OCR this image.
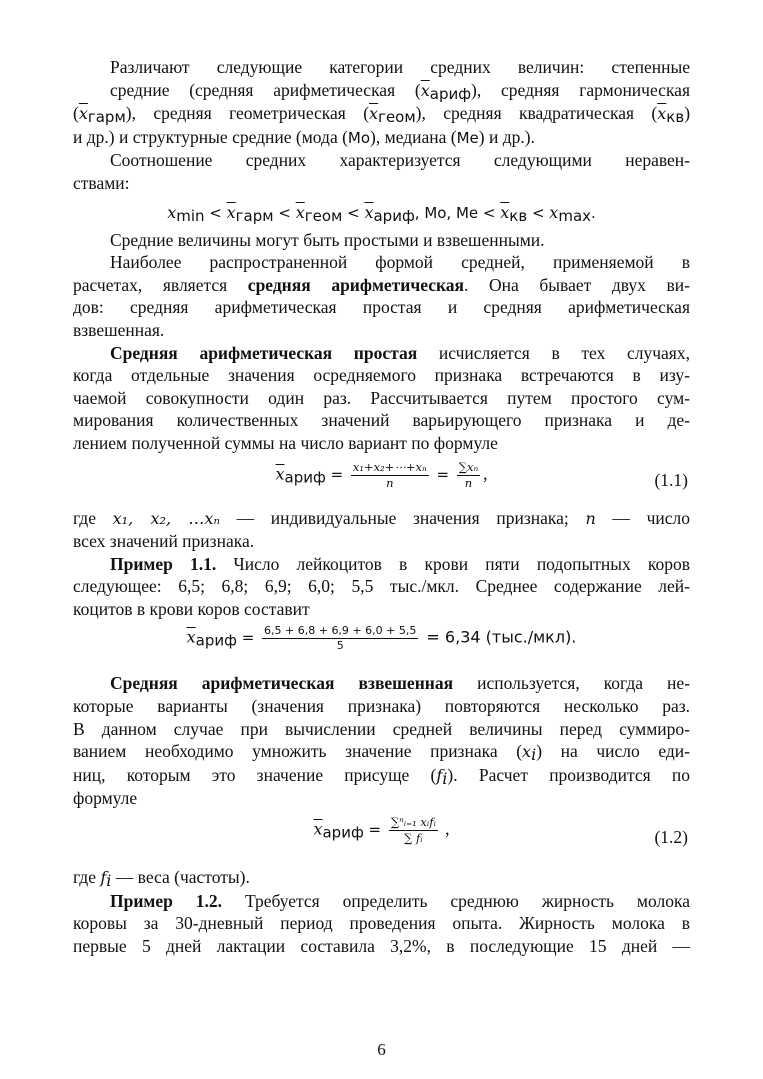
Различают следующие категории средних величин: степенные
средние (средняя арифметическая $(\overline{x}_{ариф})$, средняя гармоническая
$(\overline{x}_{гарм})$, средняя геометрическая $(\overline{x}_{геом})$, средняя квадратическая $(\overline{x}_{кв})$
и др.) и структурные средние (мода (Мо), медиана (Ме) и др.).

Соотношение средних характеризуется следующими неравен-
ствами:

$x_{min} < \overline{x}_{гарм} < \overline{x}_{геом} < \overline{x}_{ариф}$, Мо, Ме < $\overline{x}_{кв} < x_{max}$.

Средние величины могут быть простыми и взвешенными.

Наиболее распространенной формой средней, применяемой в
расчетах, является средняя арифметическая. Она бывает двух ви-
дов: средняя арифметическая простая и средняя арифметическая
взвешенная.

Средняя арифметическая простая исчисляется в тех случаях,
когда отдельные значения осредняемого признака встречаются в изу-
чаемой совокупности один раз. Рассчитывается путем простого сум-
мирования количественных значений варьирующего признака и де-
лением полученной суммы на число вариант по формуле

$\overline{x}_{ариф} = \frac{\text{x₁+x₂+⋯+xₙ}}{n} = \frac{\text{∑xₙ}}{n}$ ,	(1.1)

где x₁, x₂, …xₙ — индивидуальные значения признака; n — число
всех значений признака.

Пример 1.1. Число лейкоцитов в крови пяти подопытных коров
следующее: 6,5; 6,8; 6,9; 6,0; 5,5 тыс./мкл. Среднее содержание лей-
коцитов в крови коров составит

$\overline{x}_{ариф} = \frac{6,5 + 6,8 + 6,9 + 6,0 + 5,5}{5} = 6,34$ (тыс./мкл).

Средняя арифметическая взвешенная используется, когда не-
которые варианты (значения признака) повторяются несколько раз.
В данном случае при вычислении средней величины перед суммиро-
ванием необходимо умножить значение признака $(x_i)$ на число еди-
ниц, которым это значение присуще $(f_i)$. Расчет производится по
формуле

$\overline{x}_{ариф} = \frac{\text{∑ⁿᵢ₌₁ xᵢfᵢ}}{\text{∑ fᵢ}}$ ,	(1.2)

где $f_i$ — веса (частоты).

Пример 1.2. Требуется определить среднюю жирность молока
коровы за 30-дневный период проведения опыта. Жирность молока в
первые 5 дней лактации составила 3,2%, в последующие 15 дней —

6
